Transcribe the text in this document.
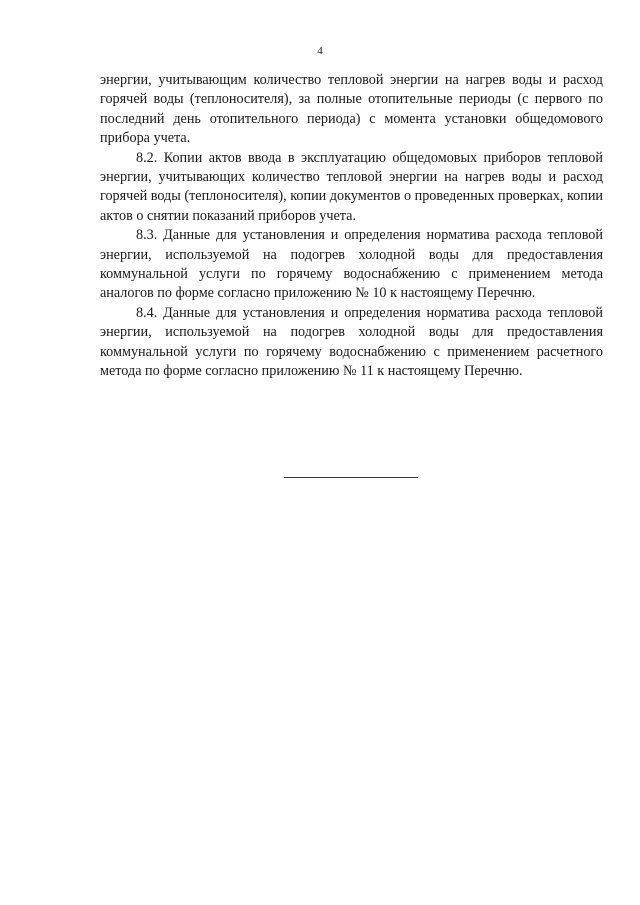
4

энергии, учитывающим количество тепловой энергии на нагрев воды и расход горячей воды (теплоносителя), за полные отопительные периоды (с первого по последний день отопительного периода) с момента установки общедомового прибора учета.

8.2. Копии актов ввода в эксплуатацию общедомовых приборов тепловой энергии, учитывающих количество тепловой энергии на нагрев воды и расход горячей воды (теплоносителя), копии документов о проведенных проверках, копии актов о снятии показаний приборов учета.

8.3. Данные для установления и определения норматива расхода тепловой энергии, используемой на подогрев холодной воды для предоставления коммунальной услуги по горячему водоснабжению с применением метода аналогов по форме согласно приложению № 10 к настоящему Перечню.

8.4. Данные для установления и определения норматива расхода тепловой энергии, используемой на подогрев холодной воды для предоставления коммунальной услуги по горячему водоснабжению с применением расчетного метода по форме согласно приложению № 11 к настоящему Перечню.
